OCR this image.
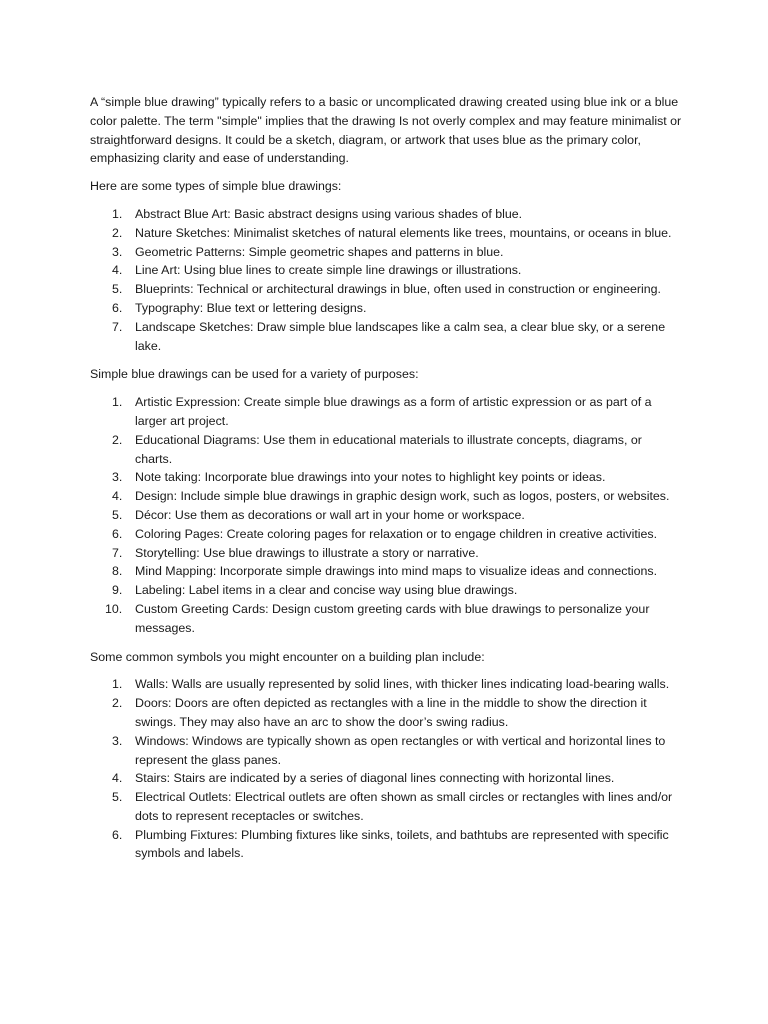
A “simple blue drawing” typically refers to a basic or uncomplicated drawing created using blue ink or a blue color palette. The term "simple" implies that the drawing Is not overly complex and may feature minimalist or straightforward designs. It could be a sketch, diagram, or artwork that uses blue as the primary color, emphasizing clarity and ease of understanding.

Here are some types of simple blue drawings:

1. Abstract Blue Art: Basic abstract designs using various shades of blue.
2. Nature Sketches: Minimalist sketches of natural elements like trees, mountains, or oceans in blue.
3. Geometric Patterns: Simple geometric shapes and patterns in blue.
4. Line Art: Using blue lines to create simple line drawings or illustrations.
5. Blueprints: Technical or architectural drawings in blue, often used in construction or engineering.
6. Typography: Blue text or lettering designs.
7. Landscape Sketches: Draw simple blue landscapes like a calm sea, a clear blue sky, or a serene lake.

Simple blue drawings can be used for a variety of purposes:

1. Artistic Expression: Create simple blue drawings as a form of artistic expression or as part of a larger art project.
2. Educational Diagrams: Use them in educational materials to illustrate concepts, diagrams, or charts.
3. Note taking: Incorporate blue drawings into your notes to highlight key points or ideas.
4. Design: Include simple blue drawings in graphic design work, such as logos, posters, or websites.
5. Décor: Use them as decorations or wall art in your home or workspace.
6. Coloring Pages: Create coloring pages for relaxation or to engage children in creative activities.
7. Storytelling: Use blue drawings to illustrate a story or narrative.
8. Mind Mapping: Incorporate simple drawings into mind maps to visualize ideas and connections.
9. Labeling: Label items in a clear and concise way using blue drawings.
10. Custom Greeting Cards: Design custom greeting cards with blue drawings to personalize your messages.

Some common symbols you might encounter on a building plan include:

1. Walls: Walls are usually represented by solid lines, with thicker lines indicating load-bearing walls.
2. Doors: Doors are often depicted as rectangles with a line in the middle to show the direction it swings. They may also have an arc to show the door’s swing radius.
3. Windows: Windows are typically shown as open rectangles or with vertical and horizontal lines to represent the glass panes.
4. Stairs: Stairs are indicated by a series of diagonal lines connecting with horizontal lines.
5. Electrical Outlets: Electrical outlets are often shown as small circles or rectangles with lines and/or dots to represent receptacles or switches.
6. Plumbing Fixtures: Plumbing fixtures like sinks, toilets, and bathtubs are represented with specific symbols and labels.
